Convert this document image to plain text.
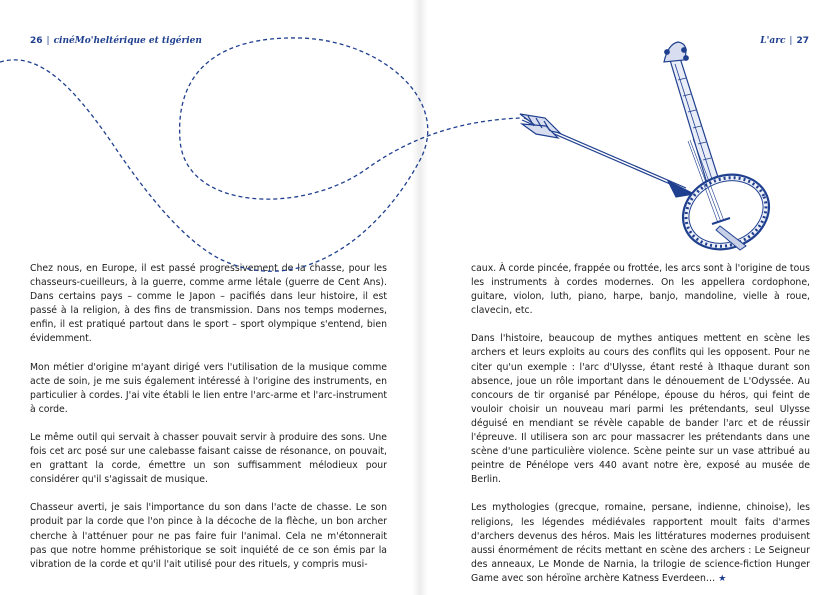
26 | cinéMo'heltérique et tigérien

Chez nous, en Europe, il est passé progressivement de la chasse, pour les chasseurs-cueilleurs, à la guerre, comme arme létale (guerre de Cent Ans). Dans certains pays – comme le Japon – pacifiés dans leur histoire, il est passé à la religion, à des fins de transmission. Dans nos temps modernes, enfin, il est pratiqué partout dans le sport – sport olympique s'entend, bien évidemment.

Mon métier d'origine m'ayant dirigé vers l'utilisation de la musique comme acte de soin, je me suis également intéressé à l'origine des instruments, en particulier à cordes. J'ai vite établi le lien entre l'arc-arme et l'arc-instrument à corde.

Le même outil qui servait à chasser pouvait servir à produire des sons. Une fois cet arc posé sur une calebasse faisant caisse de résonance, on pouvait, en grattant la corde, émettre un son suffisamment mélodieux pour considérer qu'il s'agissait de musique.

Chasseur averti, je sais l'importance du son dans l'acte de chasse. Le son produit par la corde que l'on pince à la décoche de la flèche, un bon archer cherche à l'atténuer pour ne pas faire fuir l'animal. Cela ne m'étonnerait pas que notre homme préhistorique se soit inquiété de ce son émis par la vibration de la corde et qu'il l'ait utilisé pour des rituels, y compris musi-

L'arc | 27

caux. À corde pincée, frappée ou frottée, les arcs sont à l'origine de tous les instruments à cordes modernes. On les appellera cordophone, guitare, violon, luth, piano, harpe, banjo, mandoline, vielle à roue, clavecin, etc.

Dans l'histoire, beaucoup de mythes antiques mettent en scène les archers et leurs exploits au cours des conflits qui les opposent. Pour ne citer qu'un exemple : l'arc d'Ulysse, étant resté à Ithaque durant son absence, joue un rôle important dans le dénouement de L'Odyssée. Au concours de tir organisé par Pénélope, épouse du héros, qui feint de vouloir choisir un nouveau mari parmi les prétendants, seul Ulysse déguisé en mendiant se révèle capable de bander l'arc et de réussir l'épreuve. Il utilisera son arc pour massacrer les prétendants dans une scène d'une particulière violence. Scène peinte sur un vase attribué au peintre de Pénélope vers 440 avant notre ère, exposé au musée de Berlin.

Les mythologies (grecque, romaine, persane, indienne, chinoise), les religions, les légendes médiévales rapportent moult faits d'armes d'archers devenus des héros. Mais les littératures modernes produisent aussi énormément de récits mettant en scène des archers : Le Seigneur des anneaux, Le Monde de Narnia, la trilogie de science-fiction Hunger Game avec son héroïne archère Katness Everdeen… ★
